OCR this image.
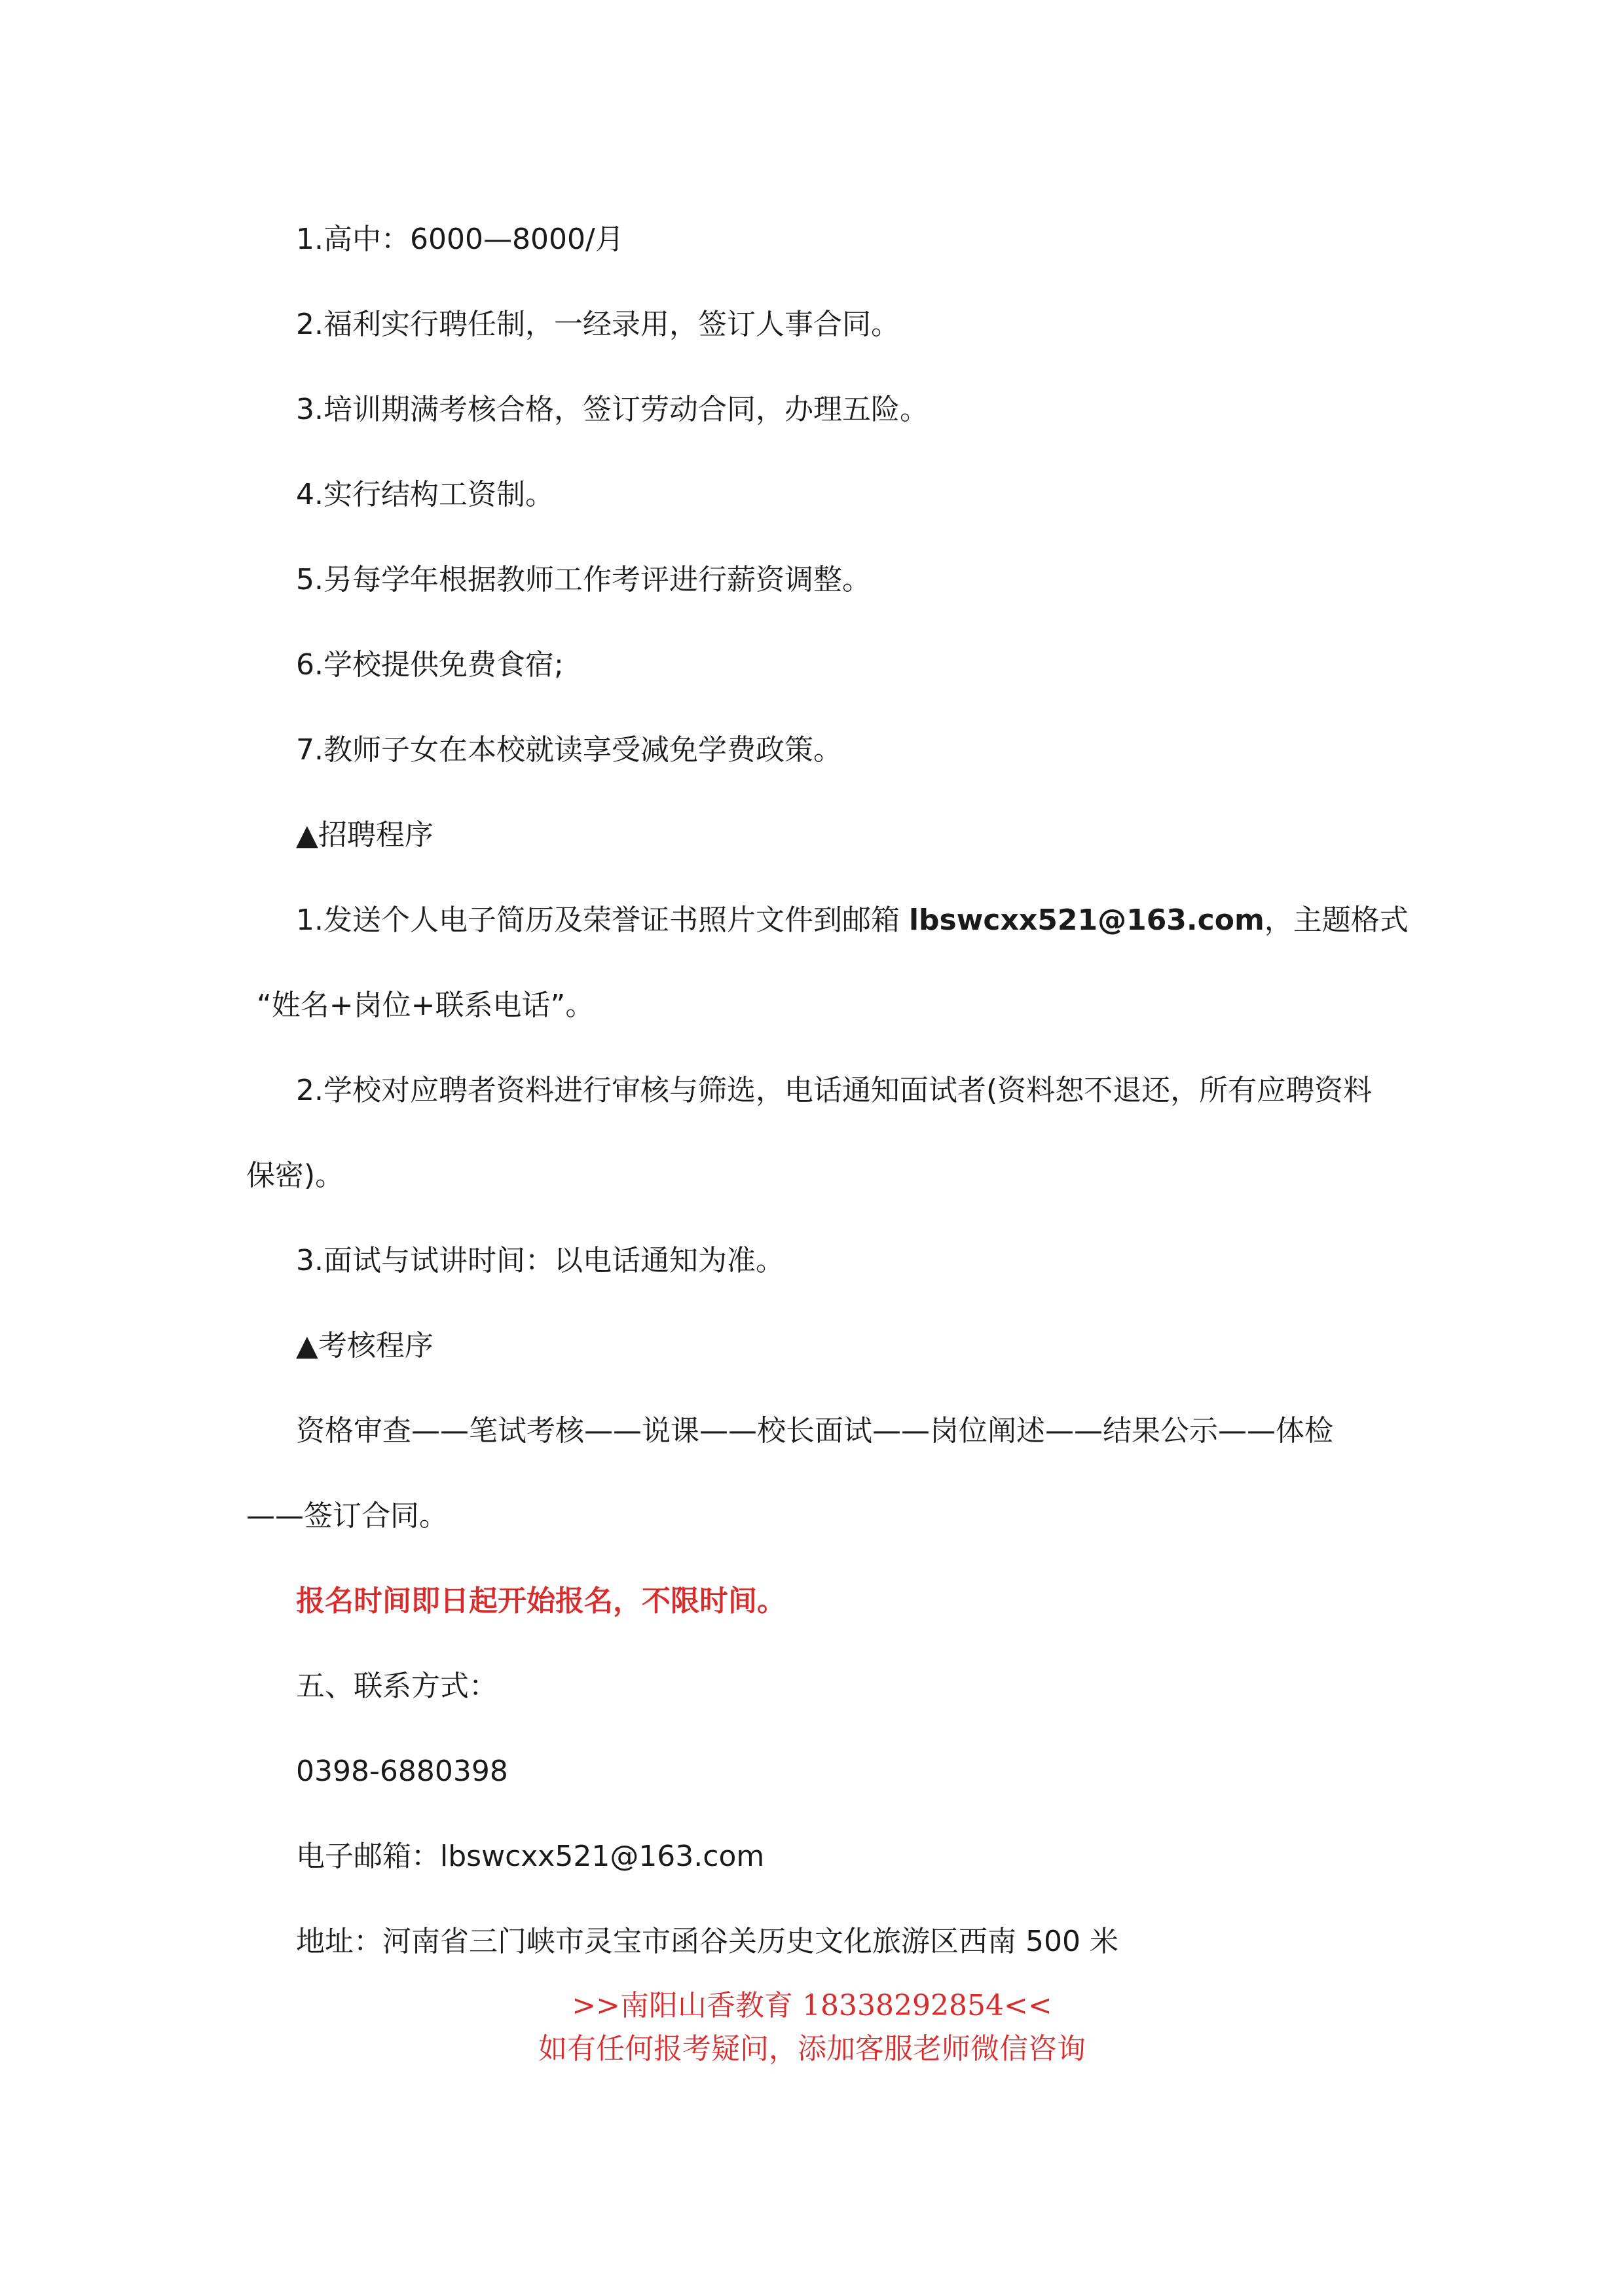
1.高中：6000—8000/月
2.福利实行聘任制，一经录用，签订人事合同。
3.培训期满考核合格，签订劳动合同，办理五险。
4.实行结构工资制。
5.另每学年根据教师工作考评进行薪资调整。
6.学校提供免费食宿;
7.教师子女在本校就读享受减免学费政策。
▲招聘程序
1.发送个人电子简历及荣誉证书照片文件到邮箱 lbswcxx521@163.com，主题格式
“姓名+岗位+联系电话”。
2.学校对应聘者资料进行审核与筛选，电话通知面试者(资料恕不退还，所有应聘资料
保密)。
3.面试与试讲时间：以电话通知为准。
▲考核程序
资格审查——笔试考核——说课——校长面试——岗位阐述——结果公示——体检
——签订合同。
报名时间即日起开始报名，不限时间。
五、联系方式：
0398-6880398
电子邮箱：lbswcxx521@163.com
地址：河南省三门峡市灵宝市函谷关历史文化旅游区西南 500 米
>>南阳山香教育 18338292854<<
如有任何报考疑问，添加客服老师微信咨询
